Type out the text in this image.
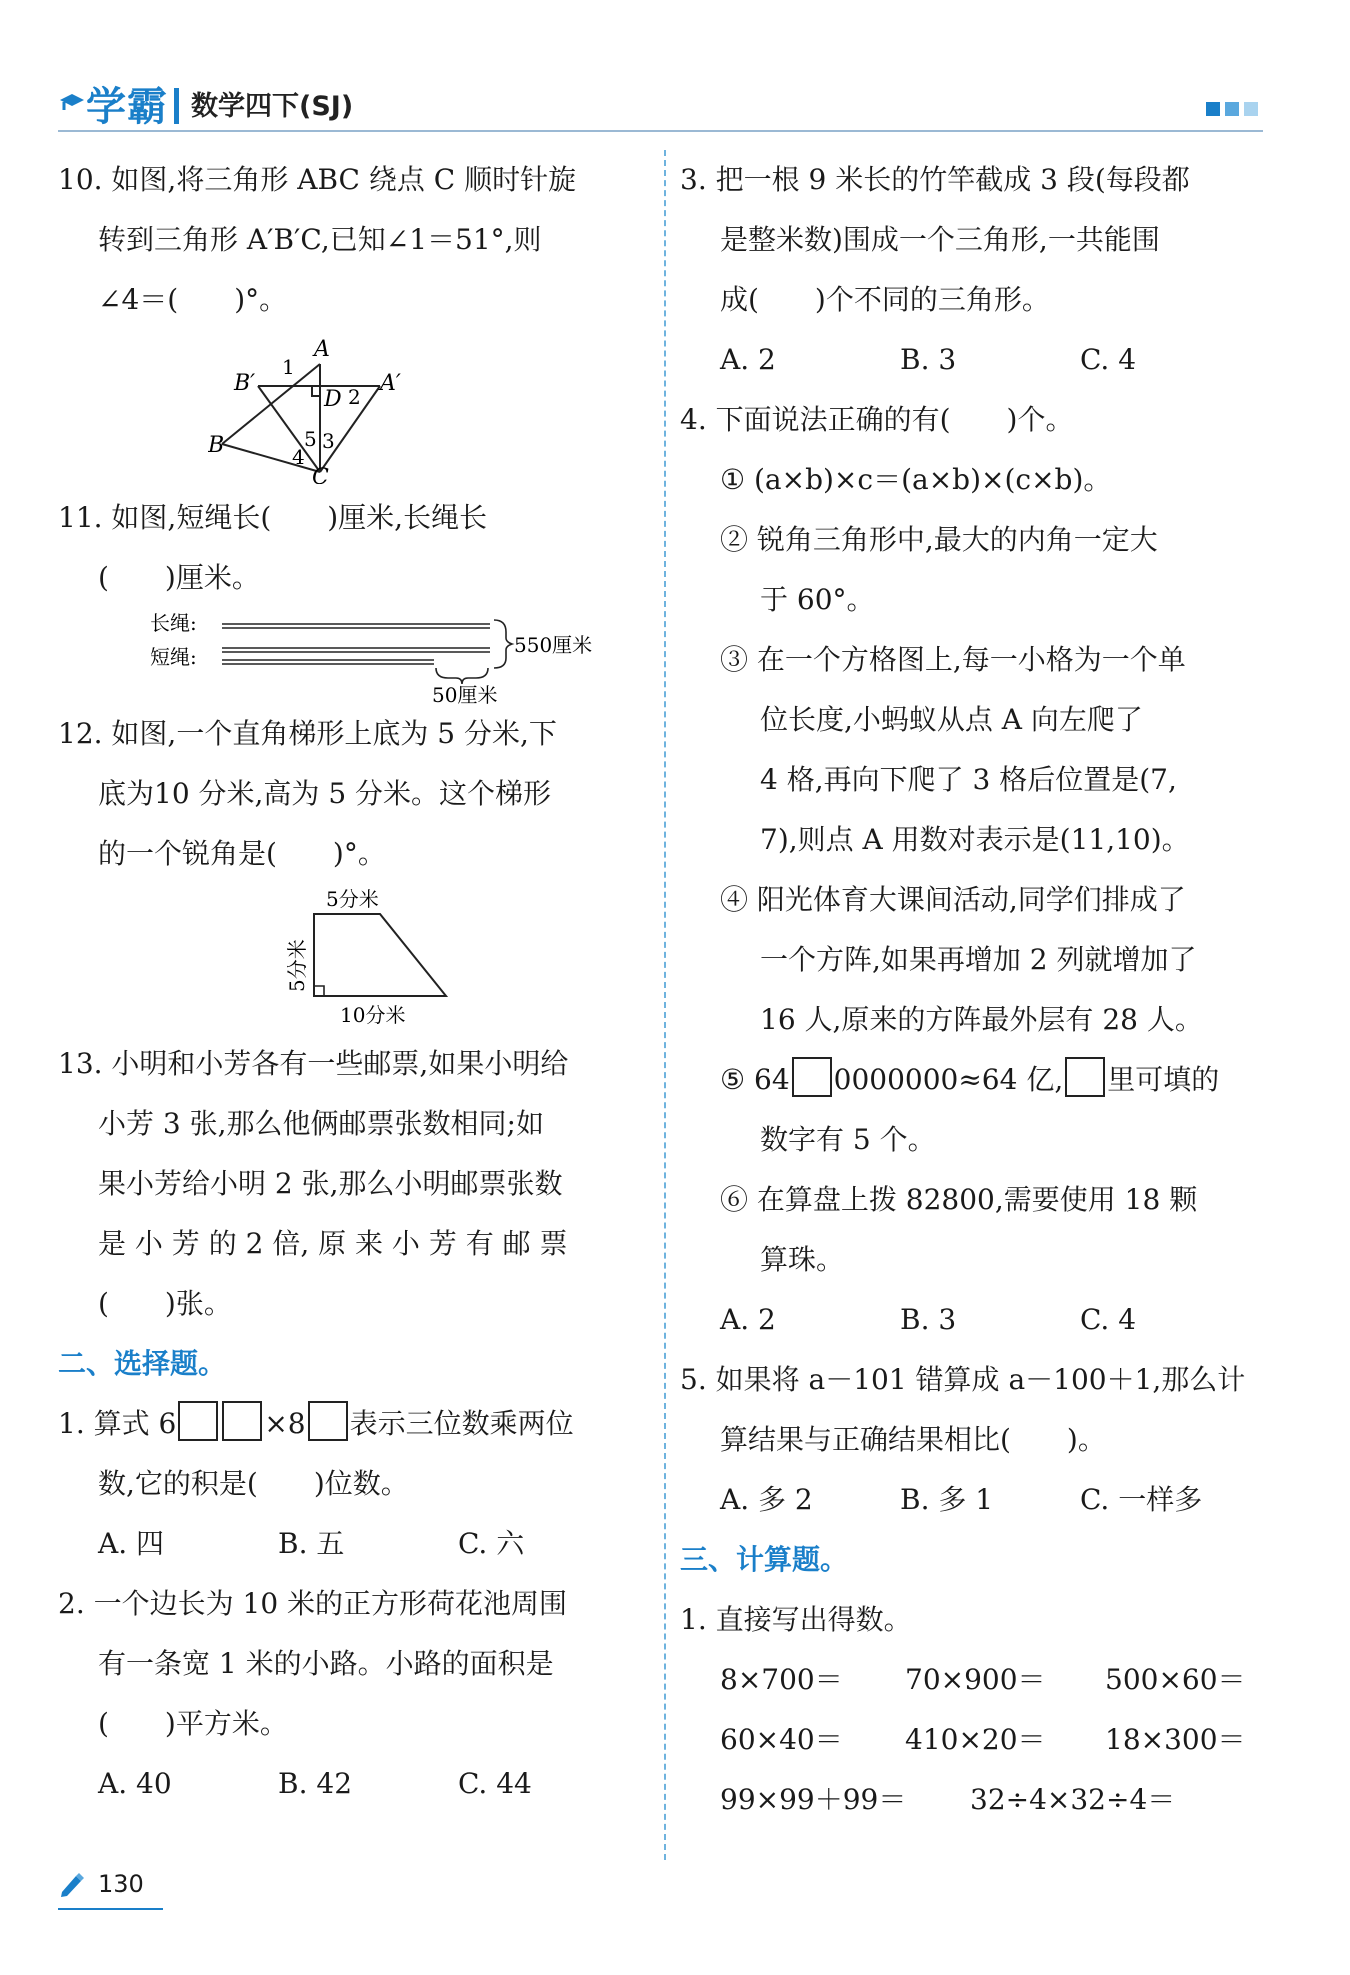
学霸 数学四下(SJ)

10. 如图,将三角形 ABC 绕点 C 顺时针旋

转到三角形 A′B′C,已知∠1＝51°,则

∠4＝(　　)°。

A
B
C
D
A′
B′
1
2
3
4
5

11. 如图,短绳长(　　)厘米,长绳长

(　　)厘米。

长绳:
短绳:	550厘米
50厘米

12. 如图,一个直角梯形上底为 5 分米,下

底为10 分米,高为 5 分米。这个梯形

的一个锐角是(　　)°。

5分米
5分米
10分米

13. 小明和小芳各有一些邮票,如果小明给

小芳 3 张,那么他俩邮票张数相同;如

果小芳给小明 2 张,那么小明邮票张数

是 小 芳 的 2 倍, 原 来 小 芳 有 邮 票

(　　)张。

二、选择题。

1. 算式 6	×8 表示三位数乘两位

数,它的积是(　　)位数。

A. 四	B. 五	C. 六

2. 一个边长为 10 米的正方形荷花池周围

有一条宽 1 米的小路。小路的面积是

(　　)平方米。

A. 40	B. 42	C. 44

3. 把一根 9 米长的竹竿截成 3 段(每段都

是整米数)围成一个三角形,一共能围

成(　　)个不同的三角形。

A. 2	B. 3	C. 4

4. 下面说法正确的有(　　)个。

① (a×b)×c＝(a×b)×(c×b)。

② 锐角三角形中,最大的内角一定大

于 60°。

③ 在一个方格图上,每一小格为一个单

位长度,小蚂蚁从点 A 向左爬了

4 格,再向下爬了 3 格后位置是(7,

7),则点 A 用数对表示是(11,10)。

④ 阳光体育大课间活动,同学们排成了

一个方阵,如果再增加 2 列就增加了

16 人,原来的方阵最外层有 28 人。

⑤ 64 0000000≈64 亿, 里可填的

数字有 5 个。

⑥ 在算盘上拨 82800,需要使用 18 颗

算珠。

A. 2	B. 3	C. 4

5. 如果将 a－101 错算成 a－100＋1,那么计

算结果与正确结果相比(　　)。

A. 多 2	B. 多 1	C. 一样多

三、计算题。

1. 直接写出得数。

8×700＝	70×900＝	500×60＝
60×40＝	410×20＝	18×300＝
99×99＋99＝	32÷4×32÷4＝
130
